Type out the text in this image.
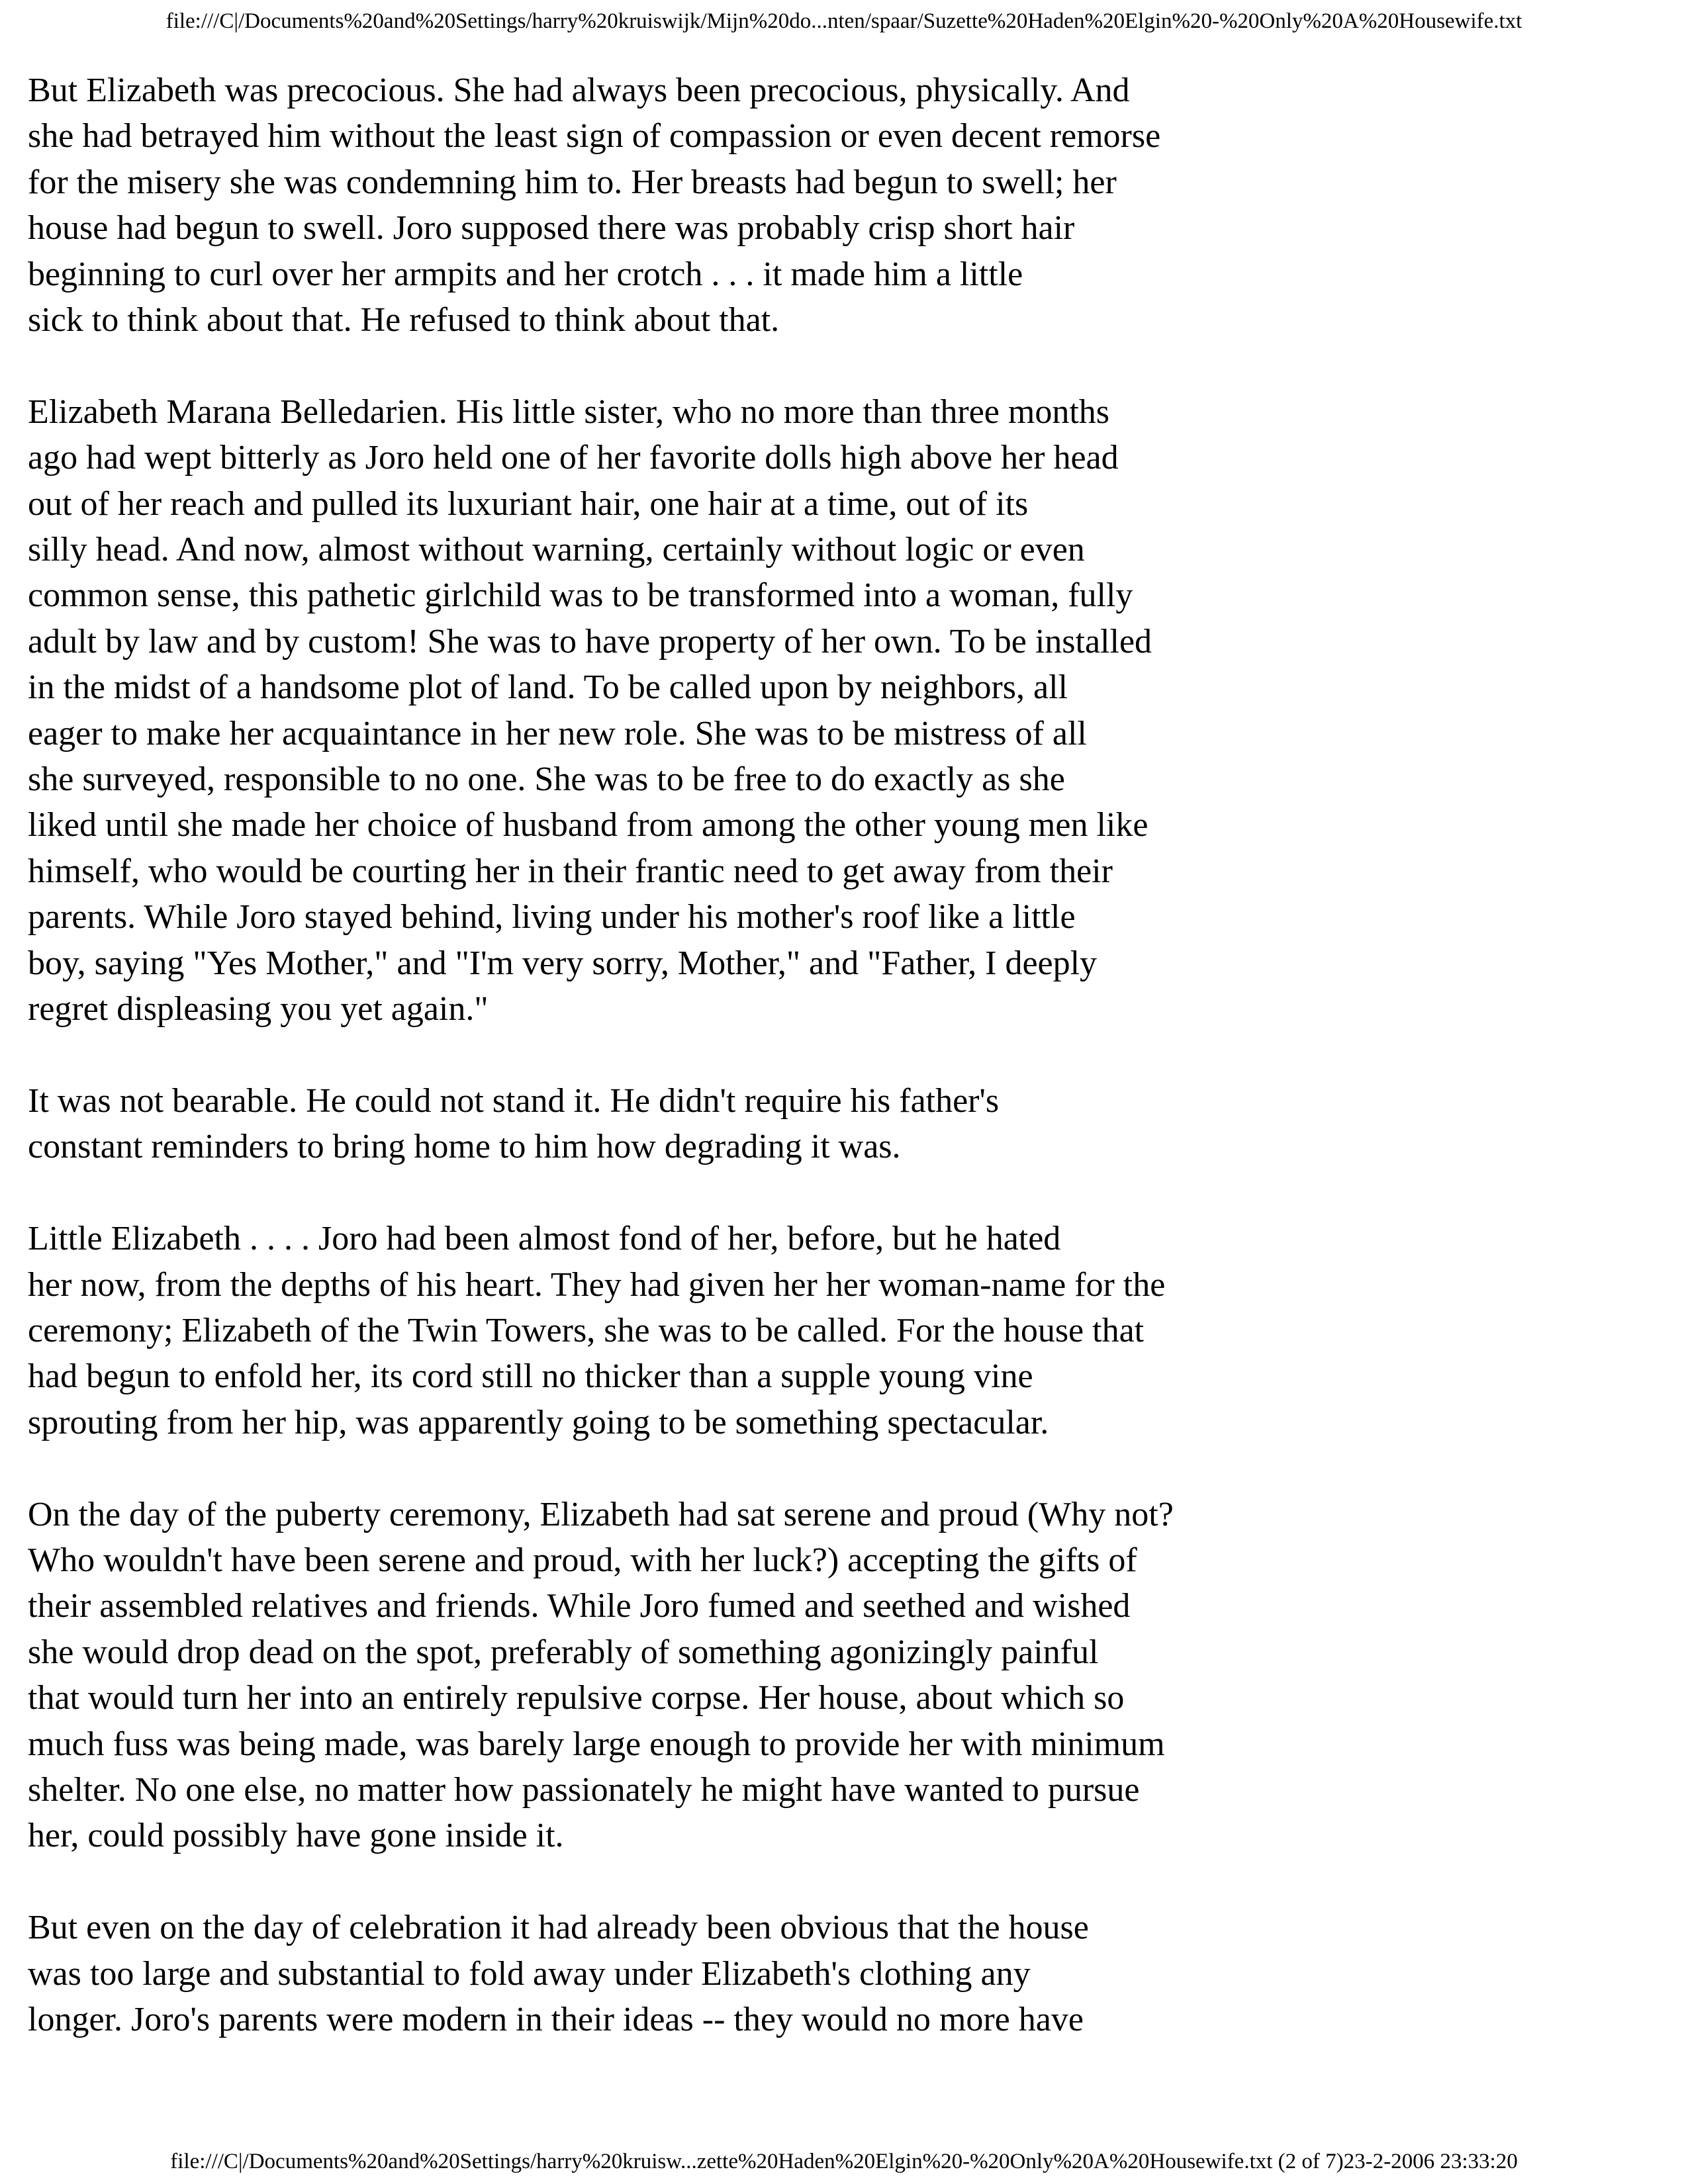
file:///C|/Documents%20and%20Settings/harry%20kruiswijk/Mijn%20do...nten/spaar/Suzette%20Haden%20Elgin%20-%20Only%20A%20Housewife.txt

But Elizabeth was precocious. She had always been precocious, physically. And
she had betrayed him without the least sign of compassion or even decent remorse
for the misery she was condemning him to. Her breasts had begun to swell; her
house had begun to swell. Joro supposed there was probably crisp short hair
beginning to curl over her armpits and her crotch . . . it made him a little
sick to think about that. He refused to think about that.

Elizabeth Marana Belledarien. His little sister, who no more than three months
ago had wept bitterly as Joro held one of her favorite dolls high above her head
out of her reach and pulled its luxuriant hair, one hair at a time, out of its
silly head. And now, almost without warning, certainly without logic or even
common sense, this pathetic girlchild was to be transformed into a woman, fully
adult by law and by custom! She was to have property of her own. To be installed
in the midst of a handsome plot of land. To be called upon by neighbors, all
eager to make her acquaintance in her new role. She was to be mistress of all
she surveyed, responsible to no one. She was to be free to do exactly as she
liked until she made her choice of husband from among the other young men like
himself, who would be courting her in their frantic need to get away from their
parents. While Joro stayed behind, living under his mother's roof like a little
boy, saying "Yes Mother," and "I'm very sorry, Mother," and "Father, I deeply
regret displeasing you yet again."

It was not bearable. He could not stand it. He didn't require his father's
constant reminders to bring home to him how degrading it was.

Little Elizabeth . . . . Joro had been almost fond of her, before, but he hated
her now, from the depths of his heart. They had given her her woman-name for the
ceremony; Elizabeth of the Twin Towers, she was to be called. For the house that
had begun to enfold her, its cord still no thicker than a supple young vine
sprouting from her hip, was apparently going to be something spectacular.

On the day of the puberty ceremony, Elizabeth had sat serene and proud (Why not?
Who wouldn't have been serene and proud, with her luck?) accepting the gifts of
their assembled relatives and friends. While Joro fumed and seethed and wished
she would drop dead on the spot, preferably of something agonizingly painful
that would turn her into an entirely repulsive corpse. Her house, about which so
much fuss was being made, was barely large enough to provide her with minimum
shelter. No one else, no matter how passionately he might have wanted to pursue
her, could possibly have gone inside it.

But even on the day of celebration it had already been obvious that the house
was too large and substantial to fold away under Elizabeth's clothing any
longer. Joro's parents were modern in their ideas -- they would no more have

file:///C|/Documents%20and%20Settings/harry%20kruisw...zette%20Haden%20Elgin%20-%20Only%20A%20Housewife.txt (2 of 7)23-2-2006 23:33:20
